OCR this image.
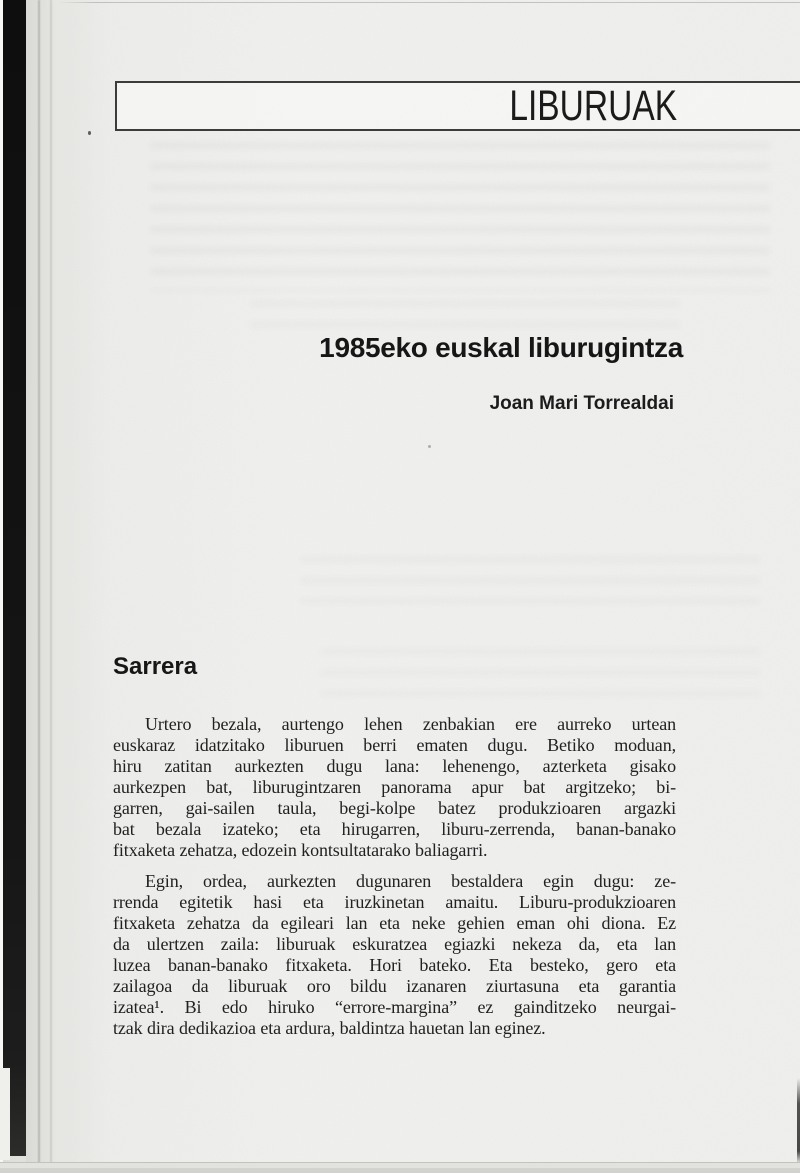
LIBURUAK
1985eko euskal liburugintza
Joan Mari Torrealdai
Sarrera
Urtero bezala, aurtengo lehen zenbakian ere aurreko urtean
euskaraz idatzitako liburuen berri ematen dugu. Betiko moduan,
hiru zatitan aurkezten dugu lana: lehenengo, azterketa gisako
aurkezpen bat, liburugintzaren panorama apur bat argitzeko; bi-
garren, gai-sailen taula, begi-kolpe batez produkzioaren argazki
bat bezala izateko; eta hirugarren, liburu-zerrenda, banan-banako
fitxaketa zehatza, edozein kontsultatarako baliagarri.
Egin, ordea, aurkezten dugunaren bestaldera egin dugu: ze-
rrenda egitetik hasi eta iruzkinetan amaitu. Liburu-produkzioaren
fitxaketa zehatza da egileari lan eta neke gehien eman ohi diona. Ez
da ulertzen zaila: liburuak eskuratzea egiazki nekeza da, eta lan
luzea banan-banako fitxaketa. Hori bateko. Eta besteko, gero eta
zailagoa da liburuak oro bildu izanaren ziurtasuna eta garantia
izatea¹. Bi edo hiruko “errore-margina” ez gainditzeko neurgai-
tzak dira dedikazioa eta ardura, baldintza hauetan lan eginez.
